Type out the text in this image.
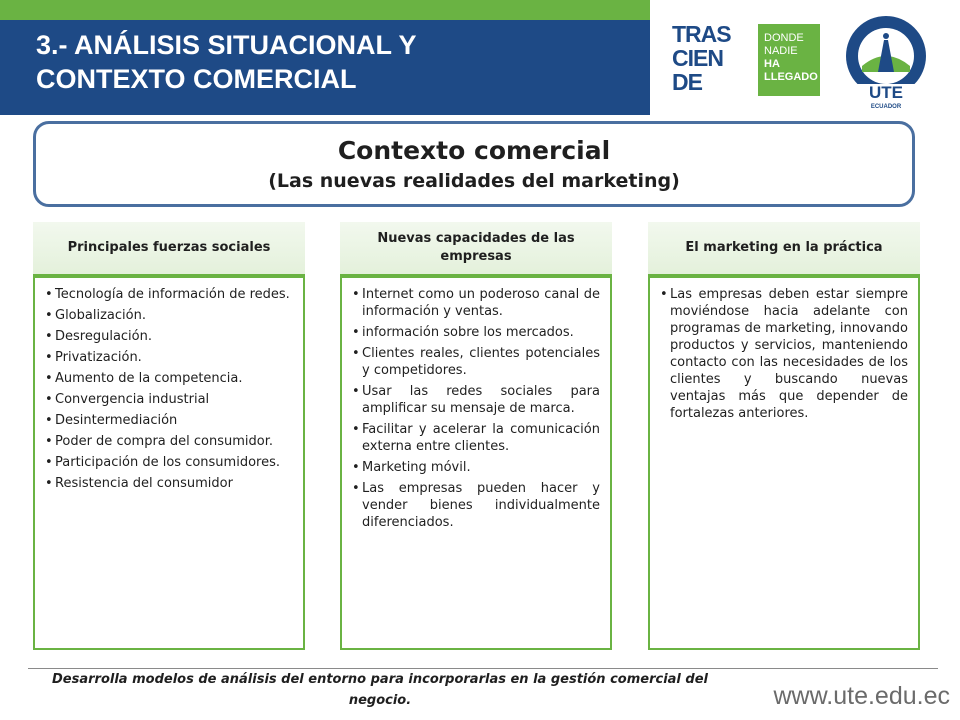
3.- ANÁLISIS SITUACIONAL Y
CONTEXTO COMERCIAL
TRAS
CIEN
DE
DONDE
NADIE
HA
LLEGADO
UTE
ECUADOR
Contexto comercial
(Las nuevas realidades del marketing)
Principales fuerzas sociales
• Tecnología de información de redes.
• Globalización.
• Desregulación.
• Privatización.
• Aumento de la competencia.
• Convergencia industrial
• Desintermediación
• Poder de compra del consumidor.
• Participación de los consumidores.
• Resistencia del consumidor
Nuevas capacidades de las empresas
• Internet como un poderoso canal de información y ventas.
• información sobre los mercados.
• Clientes reales, clientes potenciales y competidores.
• Usar las redes sociales para amplificar su mensaje de marca.
• Facilitar y acelerar la comunicación externa entre clientes.
• Marketing móvil.
• Las empresas pueden hacer y vender bienes individualmente diferenciados.
El marketing en la práctica
• Las empresas deben estar siempre moviéndose hacia adelante con programas de marketing, innovando productos y servicios, manteniendo contacto con las necesidades de los clientes y buscando nuevas ventajas más que depender de fortalezas anteriores.
Desarrolla modelos de análisis del entorno para incorporarlas en la gestión comercial del negocio.	www.ute.edu.ec
